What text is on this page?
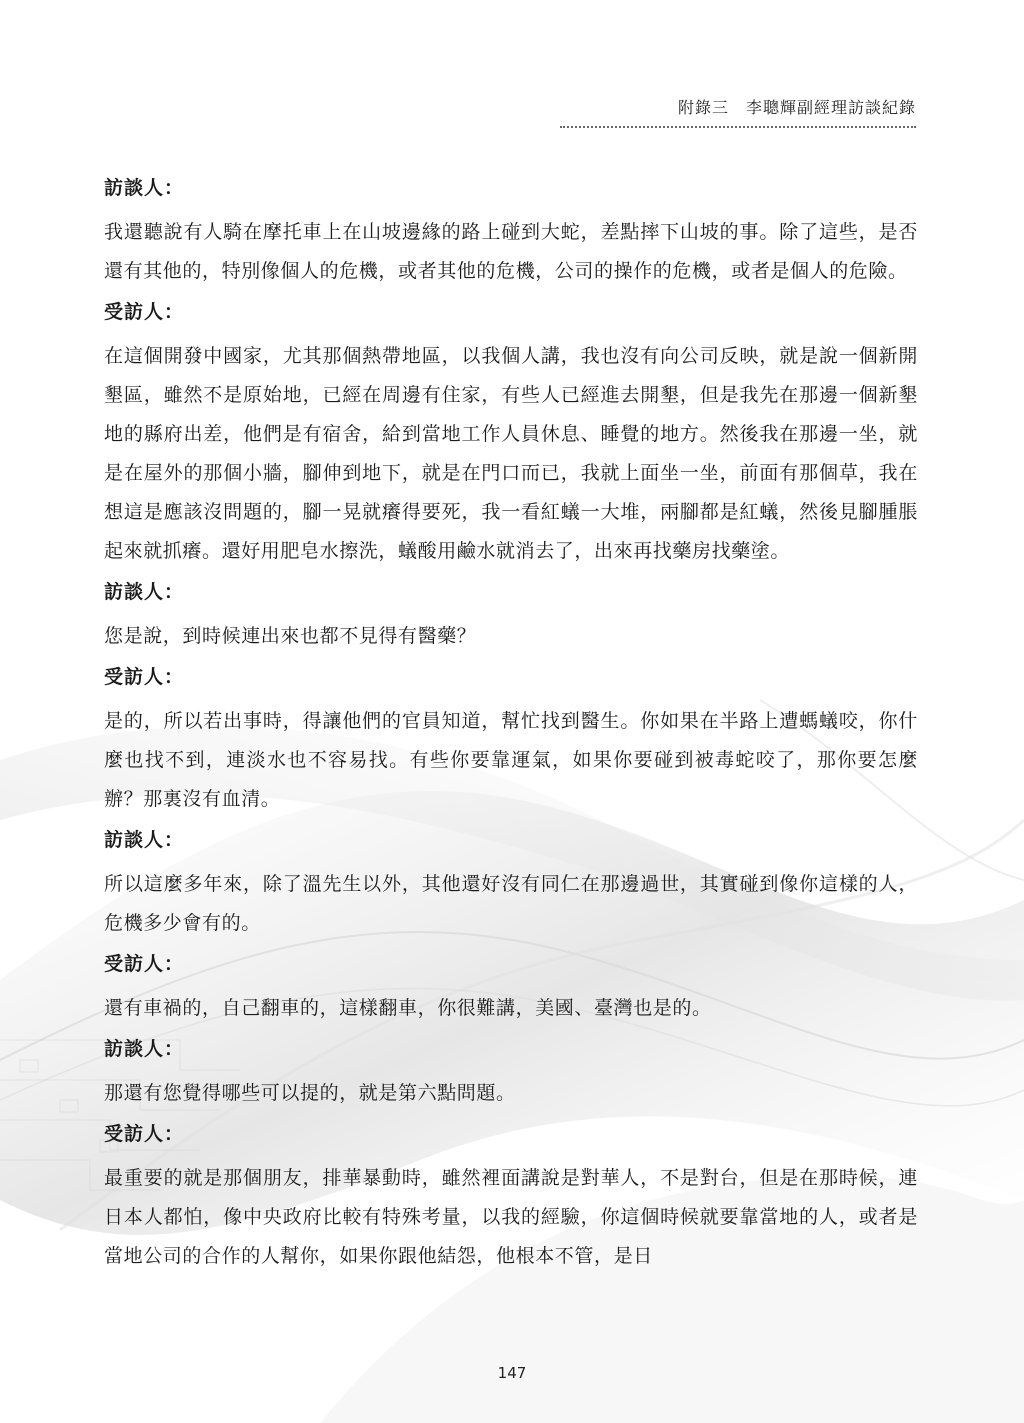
附錄三　李聰輝副經理訪談紀錄

訪談人：

我還聽說有人騎在摩托車上在山坡邊緣的路上碰到大蛇，差點摔下山坡的事。除了這些，是否還有其他的，特別像個人的危機，或者其他的危機，公司的操作的危機，或者是個人的危險。

受訪人：

在這個開發中國家，尤其那個熱帶地區，以我個人講，我也沒有向公司反映，就是說一個新開墾區，雖然不是原始地，已經在周邊有住家，有些人已經進去開墾，但是我先在那邊一個新墾地的縣府出差，他們是有宿舍，給到當地工作人員休息、睡覺的地方。然後我在那邊一坐，就是在屋外的那個小牆，腳伸到地下，就是在門口而已，我就上面坐一坐，前面有那個草，我在想這是應該沒問題的，腳一晃就癢得要死，我一看紅蟻一大堆，兩腳都是紅蟻，然後見腳腫脹起來就抓癢。還好用肥皂水擦洗，蟻酸用鹼水就消去了，出來再找藥房找藥塗。

訪談人：

您是說，到時候連出來也都不見得有醫藥？

受訪人：

是的，所以若出事時，得讓他們的官員知道，幫忙找到醫生。你如果在半路上遭螞蟻咬，你什麼也找不到，連淡水也不容易找。有些你要靠運氣，如果你要碰到被毒蛇咬了，那你要怎麼辦？那裏沒有血清。

訪談人：

所以這麼多年來，除了溫先生以外，其他還好沒有同仁在那邊過世，其實碰到像你這樣的人，危機多少會有的。

受訪人：

還有車禍的，自己翻車的，這樣翻車，你很難講，美國、臺灣也是的。

訪談人：

那還有您覺得哪些可以提的，就是第六點問題。

受訪人：

最重要的就是那個朋友，排華暴動時，雖然裡面講說是對華人，不是對台，但是在那時候，連日本人都怕，像中央政府比較有特殊考量，以我的經驗，你這個時候就要靠當地的人，或者是當地公司的合作的人幫你，如果你跟他結怨，他根本不管，是日

147
